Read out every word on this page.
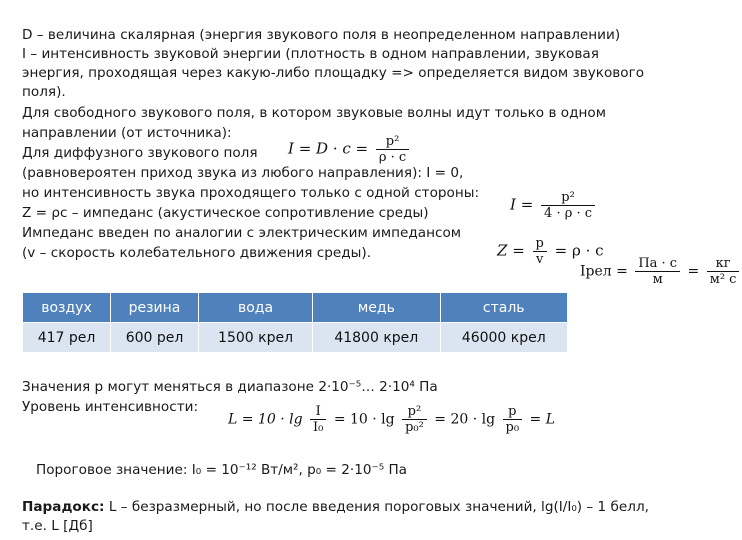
D – величина скалярная (энергия звукового поля в неопределенном направлении)
I – интенсивность звуковой энергии (плотность в одном направлении, звуковая
энергия, проходящая через какую-либо площадку => определяется видом звукового
поля).
Для свободного звукового поля, в котором звуковые волны идут только в одном
направлении (от источника):
Для диффузного звукового поля
(равновероятен приход звука из любого направления): I = 0,
но интенсивность звука проходящего только с одной стороны:
Z = ρc – импеданс (акустическое сопротивление среды)
Импеданс введен по аналогии с электрическим импедансом
(v – скорость колебательного движения среды).
$I = D \cdot c = \frac{\text{p²}}{\rho \cdot c}$
$I = \frac{\text{p²}}{4 \cdot \rho \cdot c}$
$Z = \frac{p}{v} = \rho \cdot c$
Iрел = $\frac{Па \cdot с}{м} = \frac{кг}{\text{м² с}}$
воздух	резина	вода	медь	сталь
417 рел	600 рел	1500 крел	41800 крел	46000 крел
Значения p могут меняться в диапазоне 2·10⁻⁵… 2·10⁴ Па
Уровень интенсивности:
$L = 10 \cdot \lg \frac{I}{\text{I₀}} = 10 \cdot \lg \frac{\text{p²}}{\text{p₀²}} = 20 \cdot \lg \frac{p}{\text{p₀}} = L$
Пороговое значение: I₀ = 10⁻¹² Вт/м², p₀ = 2·10⁻⁵ Па
Парадокс: L – безразмерный, но после введения пороговых значений, lg(I/I₀) – 1 белл,
т.е. L [Дб]
